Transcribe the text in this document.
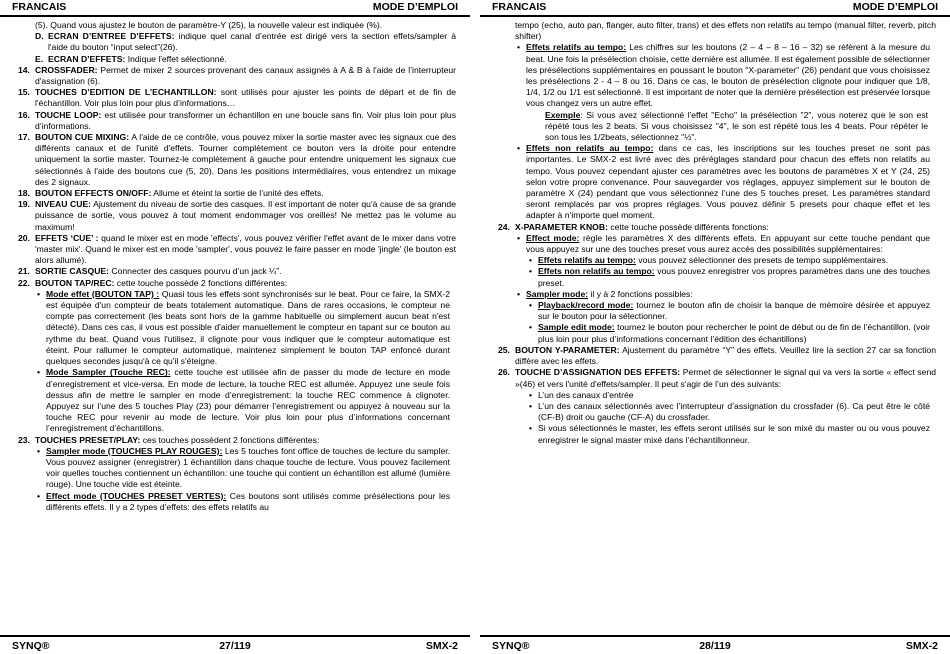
FRANCAIS	MODE D’EMPLOI

(5). Quand vous ajustez le bouton de paramètre-Y (25), la nouvelle valeur est indiquée (%).

D. ECRAN D’ENTREE D’EFFETS: indique quel canal d’entrée est dirigé vers la section effets/sampler à l'aide du bouton “input select”(26).
E. ECRAN D’EFFETS: Indique l'effet sélectionné.
14. CROSSFADER: Permet de mixer 2 sources provenant des canaux assignés à A & B à l'aide de l’interrupteur d'assignation (6).
15. TOUCHES D’EDITION DE L’ECHANTILLON: sont utilisés pour ajuster les points de départ et de fin de l'échantillon. Voir plus loin pour plus d’informations…
16. TOUCHE LOOP: est utilisée pour transformer un échantillon en une boucle sans fin. Voir plus loin pour plus d’informations.
17. BOUTON CUE MIXING: A l'aide de ce contrôle, vous pouvez mixer la sortie master avec les signaux cue des différents canaux et de l'unité d'effets. Tourner complètement ce bouton vers la droite pour entendre uniquement la sortie master. Tournez-le complètement à gauche pour entendre uniquement les signaux cue sélectionnés à l'aide des boutons cue (5, 20). Dans les positions intermédiaires, vous entendrez un mixage des 2 signaux.
18. BOUTON EFFECTS ON/OFF: Allume et éteint la sortie de l’unité des effets.
19. NIVEAU CUE: Ajustement du niveau de sortie des casques. Il est important de noter qu'à cause de sa grande puissance de sortie, vous pouvez à tout moment endommager vos oreilles! Ne mettez pas le volume au maximum!
20. EFFETS ‘CUE’ : quand le mixer est en mode 'effects', vous pouvez vérifier l'effet avant de le mixer dans votre 'master mix'. Quand le mixer est en mode 'sampler', vous pouvez le faire passer en mode 'jingle' (le bouton est alors allumé).
21. SORTIE CASQUE: Connecter des casques pourvu d’un jack ¼”.
22. BOUTON TAP/REC: cette touche possède 2 fonctions différentes:
• Mode effet (BOUTON TAP) : Quasi tous les effets sont synchronisés sur le beat. Pour ce faire, la SMX-2 est équipée d'un compteur de beats totalement automatique. Dans de rares occasions, le compteur ne compte pas correctement (les beats sont hors de la gamme habituelle ou simplement aucun beat n'est détecté). Dans ces cas, il vous est possible d'aider manuellement le compteur en tapant sur ce bouton au rythme du beat. Quand vous l'utilisez, il clignote pour vous indiquer que le compteur automatique est éteint. Pour rallumer le compteur automatique, maintenez simplement le bouton TAP enfoncé durant quelques secondes jusqu'à ce qu'il s'éteigne.
• Mode Sampler (Touche REC): cette touche est utilisée afin de passer du mode de lecture en mode d’enregistrement et vice-versa. En mode de lecture, la touche REC est allumée. Appuyez une seule fois dessus afin de mettre le sampler en mode d’enregistrement: la touche REC commence à clignoter. Appuyez sur l’une des 5 touches Play (23) pour démarrer l’enregistrement ou appuyez à nouveau sur la touche REC pour revenir au mode de lecture. Voir plus loin pour plus d’informations concernant l’enregistrement d’échantillons.
23. TOUCHES PRESET/PLAY: ces touches possèdent 2 fonctions différentes:
• Sampler mode (TOUCHES PLAY ROUGES): Les 5 touches font office de touches de lecture du sampler. Vous pouvez assigner (enregistrer) 1 échantillon dans chaque touche de lecture. Vous pouvez facilement voir quelles touches contiennent un échantillon: une touche qui contient un échantillon est allumé (lumière rouge). Une touche vide est éteinte.
• Effect mode (TOUCHES PRESET VERTES): Ces boutons sont utilisés comme présélections pour les différents effets. Il y a 2 types d’effets: des effets relatifs au
SYNQ®	27/119	SMX-2
FRANCAIS	MODE D’EMPLOI

tempo (echo, auto pan, flanger, auto filter, trans) et des effets non relatifs au tempo (manual filter, reverb, pitch shifter)

• Effets relatifs au tempo: Les chiffres sur les boutons (2 – 4 – 8 – 16 – 32) se réfèrent à la mesure du beat. Une fois la présélection choisie, cette dernière est allumée. Il est également possible de sélectionner les présélections supplémentaires en poussant le bouton "X-parameter" (26) pendant que vous choisissez les présélections 2 - 4 – 8 ou 16. Dans ce cas, le bouton de présélection clignote pour indiquer que 1/8, 1/4, 1/2 ou 1/1 est sélectionné. Il est important de noter que la dernière présélection est préservée lorsque vous changez vers un autre effet.

Exemple: Si vous avez sélectionné l'effet "Echo" la présélection "2", vous noterez que le son est répété tous les 2 beats. Si vous choisissez "4", le son est répété tous les 4 beats. Pour répéter le son tous les 1/2beats, sélectionnez "½".

• Effets non relatifs au tempo: dans ce cas, les inscriptions sur les touches preset ne sont pas importantes. Le SMX-2 est livré avec des préréglages standard pour chacun des effets non relatifs au tempo. Vous pouvez cependant ajuster ces paramètres avec les boutons de paramètres X et Y (24, 25) selon votre propre convenance. Pour sauvegarder vos réglages, appuyez simplement sur le bouton de paramètre X (24) pendant que vous sélectionnez l’une des 5 touches preset. Les paramètres standard seront remplacés par vos propres réglages. Vous pouvez définir 5 presets pour chaque effet et les adapter à n’importe quel moment.
24. X-PARAMETER KNOB: cette touche possède différents fonctions:
• Effect mode: règle les paramètres X des différents effets. En appuyant sur cette touche pendant que vous appuyez sur une des touches preset vous aurez accès des possibilités supplémentaires:
• Effets relatifs au tempo: vous pouvez sélectionner des presets de tempo supplémentaires.
• Effets non relatifs au tempo: vous pouvez enregistrer vos propres paramètres dans une des touches preset.
• Sampler mode: il y à 2 fonctions possibles:
• Playback/record mode: tournez le bouton afin de choisir la banque de mémoire désirée et appuyez sur le bouton pour la sélectionner.
• Sample edit mode: tournez le bouton pour rechercher le point de début ou de fin de l’échantillon. (voir plus loin pour plus d’informations concernant l’édition des échantillons)
25. BOUTON Y-PARAMETER: Ajustement du paramètre “Y” des effets. Veuillez lire la section 27 car sa fonction diffère avec les effets.
26. TOUCHE D’ASSIGNATION DES EFFETS: Permet de sélectionner le signal qui va vers la sortie « effect send »(46) et vers l'unité d'effets/sampler. Il peut s'agir de l’un des suivants:
• L’un des canaux d’entrée
• L’un des canaux sélectionnés avec l’interrupteur d’assignation du crossfader (6). Ca peut être le côté (CF-B) droit ou gauche (CF-A) du crossfader.
• Si vous sélectionnés le master, les effets seront utilisés sur le son mixé du master ou ou vous pouvez enregistrer le signal master mixé dans l’échantillonneur.
SYNQ®	28/119	SMX-2
